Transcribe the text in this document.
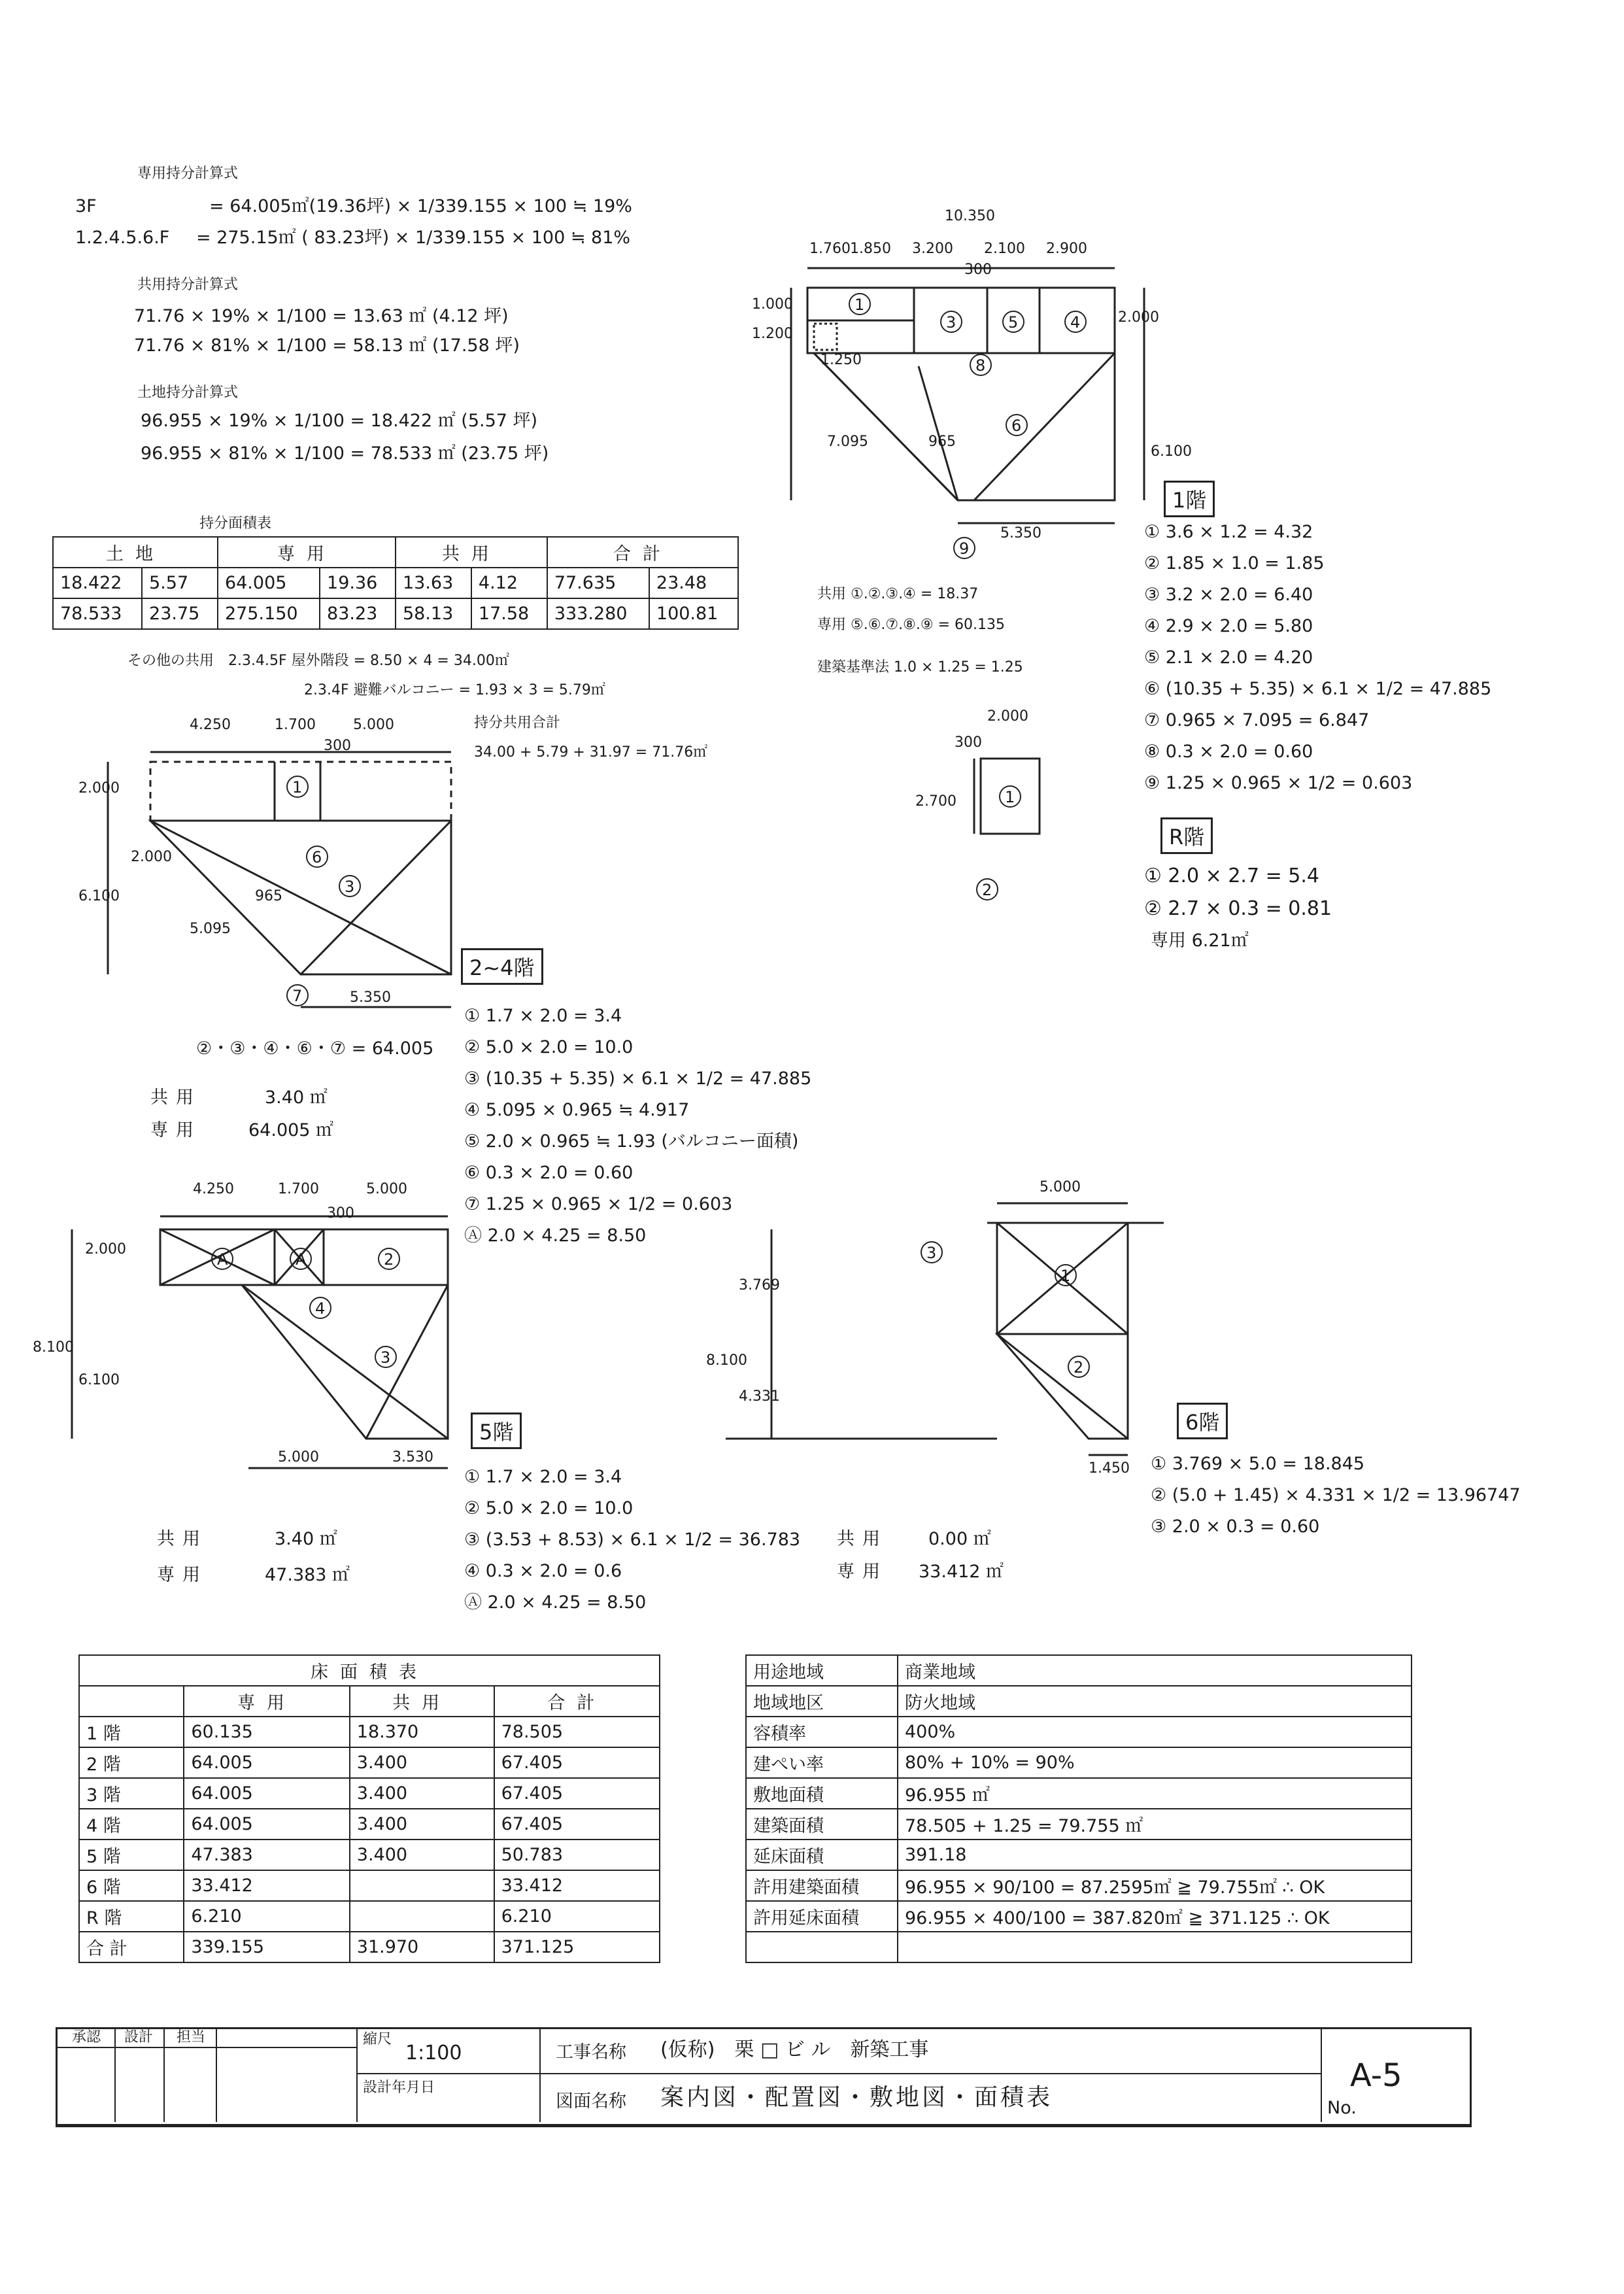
1
3	5	4
8
6
9
1
2
1
6
3
7
A	A	2
4
3
1
2
3
専用持分計算式
3F	= 64.005㎡(19.36坪) × 1/339.155 × 100 ≒ 19%
1.2.4.5.6.F = 275.15㎡ ( 83.23坪) × 1/339.155 × 100 ≒ 81%
共用持分計算式
71.76 × 19% × 1/100 = 13.63 ㎡ (4.12 坪)
71.76 × 81% × 1/100 = 58.13 ㎡ (17.58 坪)
土地持分計算式
96.955 × 19% × 1/100 = 18.422 ㎡ (5.57 坪)
96.955 × 81% × 1/100 = 78.533 ㎡ (23.75 坪)
持分面積表
土地		専用		共用		合計	
18.422	5.57	64.005	19.36	13.63	4.12	77.635	23.48
78.533	23.75	275.150	83.23	58.13	17.58	333.280	100.81
その他の共用　2.3.4.5F 屋外階段 = 8.50 × 4 = 34.00㎡
2.3.4F 避難バルコニー = 1.93 × 3 = 5.79㎡
持分共用合計
34.00 + 5.79 + 31.97 = 71.76㎡
10.350
1.760 1.850 3.200 2.100 2.900
300
1.000
1.200
2.000
1.250
6.100
7.095	965
5.350
1階
共用 ①.②.③.④ = 18.37
専用 ⑤.⑥.⑦.⑧.⑨ = 60.135
建築基準法 1.0 × 1.25 = 1.25
① 3.6 × 1.2 = 4.32
② 1.85 × 1.0 = 1.85
③ 3.2 × 2.0 = 6.40
④ 2.9 × 2.0 = 5.80
⑤ 2.1 × 2.0 = 4.20
⑥ (10.35 + 5.35) × 6.1 × 1/2 = 47.885
⑦ 0.965 × 7.095 = 6.847
⑧ 0.3 × 2.0 = 0.60
⑨ 1.25 × 0.965 × 1/2 = 0.603
2.000
300
2.700
R階
① 2.0 × 2.7 = 5.4
② 2.7 × 0.3 = 0.81
専用 6.21㎡
4.250	1.700	5.000
300
2.000
6.100
2.000
965
5.095
5.350
2~4階
②・③・④・⑥・⑦ = 64.005
共用	3.40 ㎡
専用	64.005 ㎡
① 1.7 × 2.0 = 3.4
② 5.0 × 2.0 = 10.0
③ (10.35 + 5.35) × 6.1 × 1/2 = 47.885
④ 5.095 × 0.965 ≒ 4.917
⑤ 2.0 × 0.965 ≒ 1.93 (バルコニー面積)
⑥ 0.3 × 2.0 = 0.60
⑦ 1.25 × 0.965 × 1/2 = 0.603
Ⓐ 2.0 × 4.25 = 8.50
4.250	1.700	5.000
300
2.000
8.100
6.100
5.000	3.530
5階
共用	3.40 ㎡
専用	47.383 ㎡
① 1.7 × 2.0 = 3.4
② 5.0 × 2.0 = 10.0
③ (3.53 + 8.53) × 6.1 × 1/2 = 36.783
④ 0.3 × 2.0 = 0.6
Ⓐ 2.0 × 4.25 = 8.50
5.000
3.769
8.100
4.331
1.450
6階
共用 0.00 ㎡
専用 33.412 ㎡
① 3.769 × 5.0 = 18.845
② (5.0 + 1.45) × 4.331 × 1/2 = 13.96747
③ 2.0 × 0.3 = 0.60
床面積表			
	専用	共用	合計
1 階	60.135	18.370	78.505
2 階	64.005	3.400	67.405
3 階	64.005	3.400	67.405
4 階	64.005	3.400	67.405
5 階	47.383	3.400	50.783
6 階	33.412		33.412
R 階	6.210		6.210
合 計	339.155	31.970	371.125
用途地域	商業地域
地域地区	防火地域
容積率	400%
建ぺい率	80% + 10% = 90%
敷地面積	96.955 ㎡
建築面積	78.505 + 1.25 = 79.755 ㎡
延床面積	391.18
許用建築面積	96.955 × 90/100 = 87.2595㎡ ≧ 79.755㎡ ∴ OK
許用延床面積	96.955 × 400/100 = 387.820㎡ ≧ 371.125 ∴ OK

承認 設計 担当	縮尺
1:100
設計年月日
工事名称 (仮称)　栗 □ ビ ル　新築工事
図面名称 案内図・配置図・敷地図・面積表
A-5
No.
